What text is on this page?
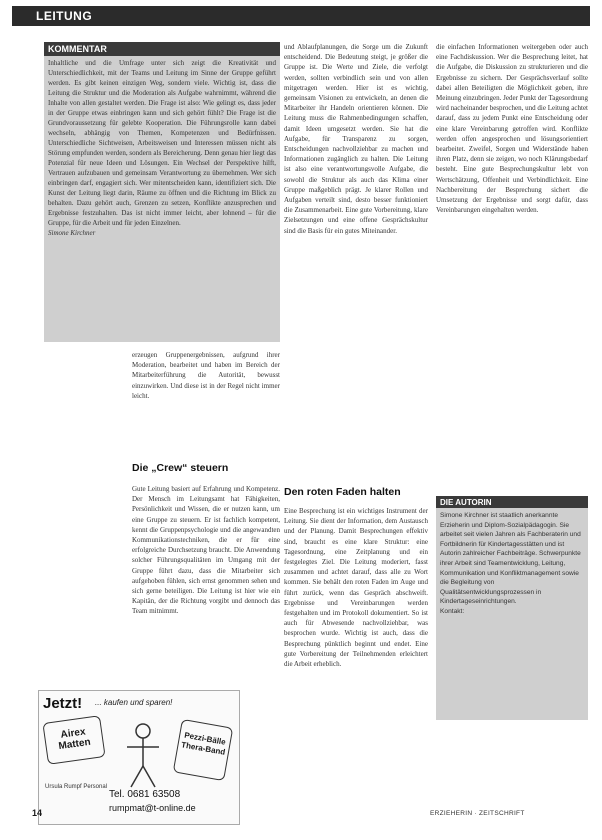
LEITUNG
KOMMENTAR

Inhaltliche und die Umfrage unter sich zeigt die Kreativität und Unterschiedlichkeit, mit der Teams und Leitung im Sinne der Gruppe geführt werden. Es gibt keinen einzigen Weg, sondern viele. Wichtig ist, dass die Leitung die Struktur und die Moderation als Aufgabe wahrnimmt, während die Inhalte von allen gestaltet werden. Die Frage ist also: Wie gelingt es, dass jeder in der Gruppe etwas einbringen kann und sich gehört fühlt? Die Frage ist die Grundvoraussetzung für gelebte Kooperation. Die Führungsrolle kann dabei wechseln, abhängig von Themen, Kompetenzen und Bedürfnissen. Unterschiedliche Sichtweisen, Arbeitsweisen und Interessen müssen nicht als Störung empfunden werden, sondern als Bereicherung. Denn genau hier liegt das Potenzial für neue Ideen und Lösungen. Ein Wechsel der Perspektive hilft, Vertrauen aufzubauen und gemeinsam Verantwortung zu übernehmen. Wer sich einbringen darf, engagiert sich. Wer mitentscheiden kann, identifiziert sich. Die Kunst der Leitung liegt darin, Räume zu öffnen und die Richtung im Blick zu behalten. Dazu gehört auch, Grenzen zu setzen, Konflikte anzusprechen und Ergebnisse festzuhalten. Das ist nicht immer leicht, aber lohnend – für die Gruppe, für die Arbeit und für jeden Einzelnen.

Simone Kirchner

erzeugen Gruppenergebnissen, aufgrund ihrer Moderation, bearbeitet und haben im Bereich der Mitarbeiterführung die Autorität, bewusst einzuwirken. Und diese ist in der Regel nicht immer leicht.

Die „Crew“ steuern

Gute Leitung basiert auf Erfahrung und Kompetenz. Der Mensch im Leitungsamt hat Fähigkeiten, Persönlichkeit und Wissen, die er nutzen kann, um eine Gruppe zu steuern. Er ist fachlich kompetent, kennt die Gruppenpsychologie und die angewandten Kommunikationstechniken, die er für eine erfolgreiche Durchsetzung braucht. Die Anwendung solcher Führungsqualitäten im Umgang mit der Gruppe führt dazu, dass die Mitarbeiter sich aufgehoben fühlen, sich ernst genommen sehen und sich gerne beteiligen. Die Leitung ist hier wie ein Kapitän, der die Richtung vorgibt und dennoch das Team mitnimmt.

und Ablaufplanungen, die Sorge um die Zukunft entscheidend. Die Bedeutung steigt, je größer die Gruppe ist. Die Werte und Ziele, die verfolgt werden, sollten verbindlich sein und von allen mitgetragen werden. Hier ist es wichtig, gemeinsam Visionen zu entwickeln, an denen die Mitarbeiter ihr Handeln orientieren können. Die Leitung muss die Rahmenbedingungen schaffen, damit Ideen umgesetzt werden. Sie hat die Aufgabe, für Transparenz zu sorgen, Entscheidungen nachvollziehbar zu machen und Informationen zugänglich zu halten. Die Leitung ist also eine verantwortungsvolle Aufgabe, die sowohl die Struktur als auch das Klima einer Gruppe maßgeblich prägt. Je klarer Rollen und Aufgaben verteilt sind, desto besser funktioniert die Zusammenarbeit. Eine gute Vorbereitung, klare Zielsetzungen und eine offene Gesprächskultur sind die Basis für ein gutes Miteinander.

Den roten Faden halten

Eine Besprechung ist ein wichtiges Instrument der Leitung. Sie dient der Information, dem Austausch und der Planung. Damit Besprechungen effektiv sind, braucht es eine klare Struktur: eine Tagesordnung, eine Zeitplanung und ein festgelegtes Ziel. Die Leitung moderiert, fasst zusammen und achtet darauf, dass alle zu Wort kommen. Sie behält den roten Faden im Auge und führt zurück, wenn das Gespräch abschweift. Ergebnisse und Vereinbarungen werden festgehalten und im Protokoll dokumentiert. So ist auch für Abwesende nachvollziehbar, was besprochen wurde. Wichtig ist auch, dass die Besprechung pünktlich beginnt und endet. Eine gute Vorbereitung der Teilnehmenden erleichtert die Arbeit erheblich.

die einfachen Informationen weitergeben oder auch eine Fachdiskussion. Wer die Besprechung leitet, hat die Aufgabe, die Diskussion zu strukturieren und die Ergebnisse zu sichern. Der Gesprächsverlauf sollte dabei allen Beteiligten die Möglichkeit geben, ihre Meinung einzubringen. Jeder Punkt der Tagesordnung wird nacheinander besprochen, und die Leitung achtet darauf, dass zu jedem Punkt eine Entscheidung oder eine klare Vereinbarung getroffen wird. Konflikte werden offen angesprochen und lösungsorientiert bearbeitet. Zweifel, Sorgen und Widerstände haben ihren Platz, denn sie zeigen, wo noch Klärungsbedarf besteht. Eine gute Besprechungskultur lebt von Wertschätzung, Offenheit und Verbindlichkeit. Eine Nachbereitung der Besprechung sichert die Umsetzung der Ergebnisse und sorgt dafür, dass Vereinbarungen eingehalten werden.

DIE AUTORIN

Simone Kirchner ist staatlich anerkannte Erzieherin und Diplom-Sozialpädagogin. Sie arbeitet seit vielen Jahren als Fachberaterin und Fortbildnerin für Kindertagesstätten und ist Autorin zahlreicher Fachbeiträge. Schwerpunkte ihrer Arbeit sind Teamentwicklung, Leitung, Kommunikation und Konfliktmanagement sowie die Begleitung von Qualitätsentwicklungsprozessen in Kindertageseinrichtungen.

Kontakt:

Jetzt! ... kaufen und sparen!
Airex Matten	Pezzi-Bälle Thera-Band
Ursula Rumpf Personal
Tel. 0681 63508
rumpmat@t-online.de
14	ERZIEHERIN · ZEITSCHRIFT
